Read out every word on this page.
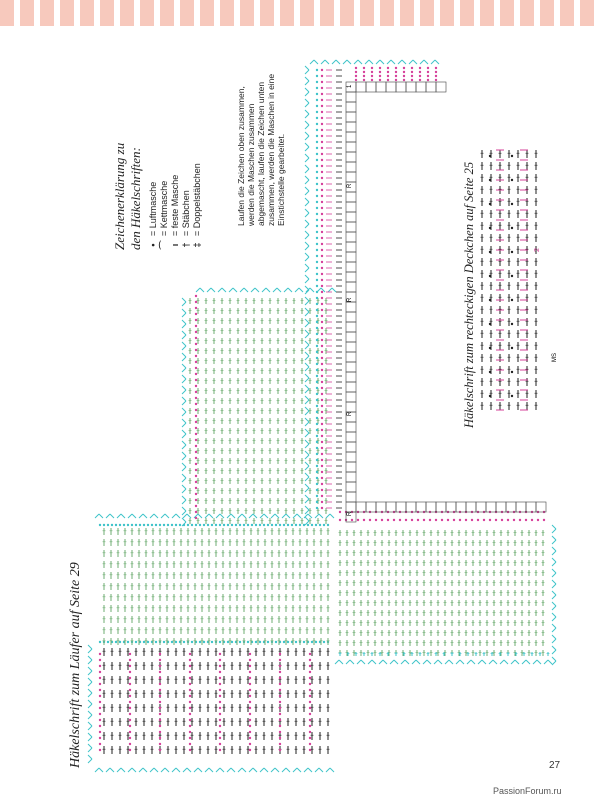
Häkelschrift zum Läufer auf Seite 29
Zeichenerklärung zu den Häkelschriften: •
= Luftmasche
⌒
= Kettmasche
ı
= feste Masche
†
= Stäbchen
‡
= Doppelstäbchen	Laufen die Zeichen oben zusammen, werden die Maschen zusammen abgemascht, laufen die Zeichen unten zusammen, werden die Maschen in eine Einstichstelle gearbeitet.	Häkelschrift zum rechteckigen Deckchen auf Seite 25
R
R
R
R
1
MS
2
27
PassionForum.ru
